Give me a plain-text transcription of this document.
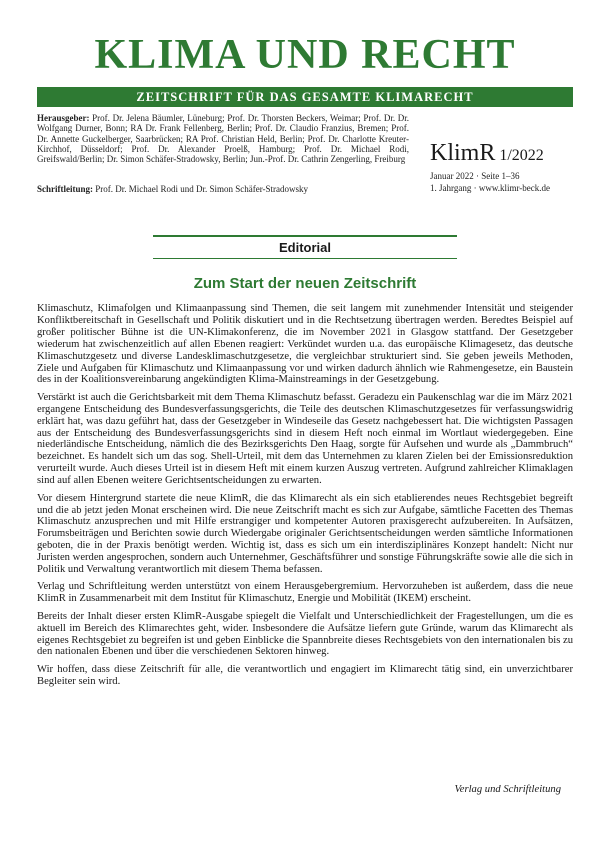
KLIMA UND RECHT
ZEITSCHRIFT FÜR DAS GESAMTE KLIMARECHT
Herausgeber: Prof. Dr. Jelena Bäumler, Lüneburg; Prof. Dr. Thorsten Beckers, Weimar; Prof. Dr. Dr. Wolfgang Durner, Bonn; RA Dr. Frank Fellenberg, Berlin; Prof. Dr. Claudio Franzius, Bremen; Prof. Dr. Annette Guckelberger, Saarbrücken; RA Prof. Christian Held, Berlin; Prof. Dr. Charlotte Kreuter-Kirchhof, Düsseldorf; Prof. Dr. Alexander Proelß, Hamburg; Prof. Dr. Michael Rodi, Greifswald/Berlin; Dr. Simon Schäfer-Stradowsky, Berlin; Jun.-Prof. Dr. Cathrin Zengerling, Freiburg
Schriftleitung: Prof. Dr. Michael Rodi und Dr. Simon Schäfer-Stradowsky
KlimR 1/2022
Januar 2022 · Seite 1–36
1. Jahrgang · www.klimr-beck.de
Editorial
Zum Start der neuen Zeitschrift

Klimaschutz, Klimafolgen und Klimaanpassung sind Themen, die seit langem mit zunehmender Intensität und steigender Konfliktbereitschaft in Gesellschaft und Politik diskutiert und in die Rechtsetzung übertragen werden. Beredtes Beispiel auf großer politischer Bühne ist die UN-Klimakonferenz, die im November 2021 in Glasgow stattfand. Der Gesetzgeber wiederum hat zwischenzeitlich auf allen Ebenen reagiert: Verkündet wurden u.a. das europäische Klimagesetz, das deutsche Klimaschutzgesetz und diverse Landesklimaschutzgesetze, die vergleichbar strukturiert sind. Sie geben jeweils Methoden, Ziele und Aufgaben für Klimaschutz und Klimaanpassung vor und wirken dadurch ähnlich wie Rahmengesetze, ein Baustein des in der Koalitionsvereinbarung angekündigten Klima-Mainstreamings in der Gesetzgebung.

Verstärkt ist auch die Gerichtsbarkeit mit dem Thema Klimaschutz befasst. Geradezu ein Paukenschlag war die im März 2021 ergangene Entscheidung des Bundesverfassungsgerichts, die Teile des deutschen Klimaschutzgesetzes für verfassungswidrig erklärt hat, was dazu geführt hat, dass der Gesetzgeber in Windeseile das Gesetz nachgebessert hat. Die wichtigsten Passagen aus der Entscheidung des Bundesverfassungsgerichts sind in diesem Heft noch einmal im Wortlaut wiedergegeben. Eine niederländische Entscheidung, nämlich die des Bezirksgerichts Den Haag, sorgte für Aufsehen und wurde als „Dammbruch“ bezeichnet. Es handelt sich um das sog. Shell-Urteil, mit dem das Unternehmen zu klaren Zielen bei der Emissionsreduktion verurteilt wurde. Auch dieses Urteil ist in diesem Heft mit einem kurzen Auszug vertreten. Aufgrund zahlreicher Klimaklagen sind auf allen Ebenen weitere Gerichtsentscheidungen zu erwarten.

Vor diesem Hintergrund startete die neue KlimR, die das Klimarecht als ein sich etablierendes neues Rechtsgebiet begreift und die ab jetzt jeden Monat erscheinen wird. Die neue Zeitschrift macht es sich zur Aufgabe, sämtliche Facetten des Themas Klimaschutz anzusprechen und mit Hilfe erstrangiger und kompetenter Autoren praxisgerecht aufzubereiten. In Aufsätzen, Forumsbeiträgen und Berichten sowie durch Wiedergabe originaler Gerichtsentscheidungen werden sämtliche Informationen geboten, die in der Praxis benötigt werden. Wichtig ist, dass es sich um ein interdisziplinäres Konzept handelt: Nicht nur Juristen werden angesprochen, sondern auch Unternehmer, Geschäftsführer und sonstige Führungskräfte sowie alle die sich in Politik und Verwaltung verantwortlich mit diesem Thema befassen.

Verlag und Schriftleitung werden unterstützt von einem Herausgebergremium. Hervorzuheben ist außerdem, dass die neue KlimR in Zusammenarbeit mit dem Institut für Klimaschutz, Energie und Mobilität (IKEM) erscheint.

Bereits der Inhalt dieser ersten KlimR-Ausgabe spiegelt die Vielfalt und Unterschiedlichkeit der Fragestellungen, um die es aktuell im Bereich des Klimarechtes geht, wider. Insbesondere die Aufsätze liefern gute Gründe, warum das Klimarecht als eigenes Rechtsgebiet zu begreifen ist und geben Einblicke die Spannbreite dieses Rechtsgebiets von den internationalen bis zu den nationalen Ebenen und über die verschiedenen Sektoren hinweg.

Wir hoffen, dass diese Zeitschrift für alle, die verantwortlich und engagiert im Klimarecht tätig sind, ein unverzichtbarer Begleiter sein wird.

Verlag und Schriftleitung
